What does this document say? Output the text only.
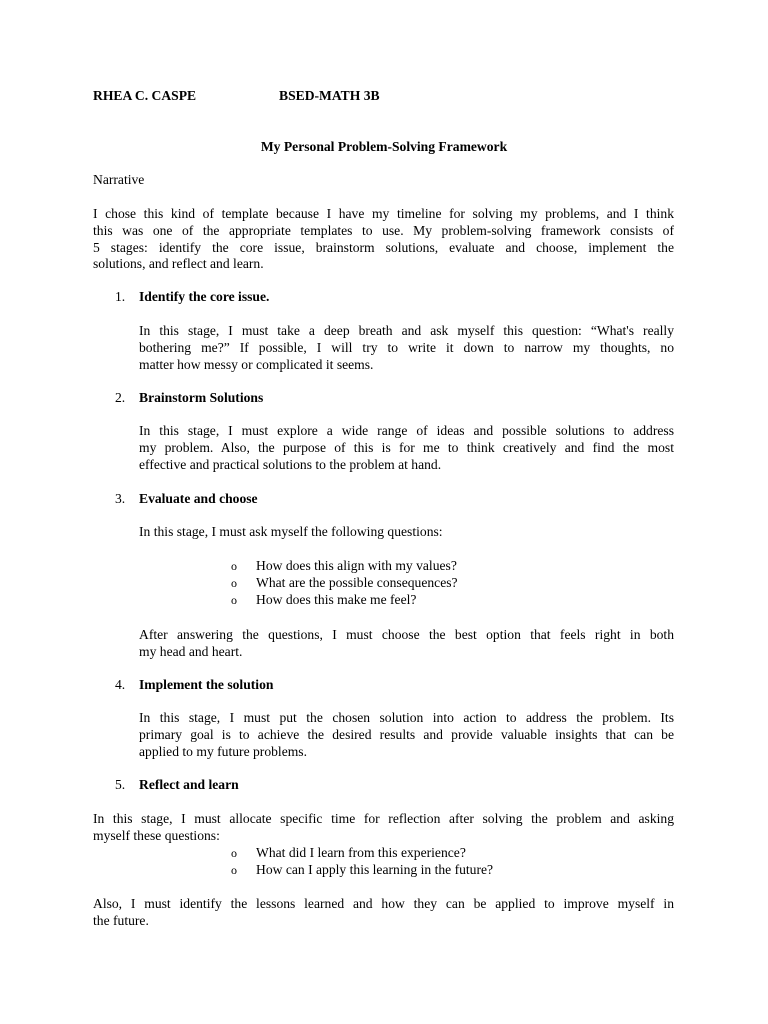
RHEA C. CASPE	BSED-MATH 3B
My Personal Problem-Solving Framework
Narrative
I chose this kind of template because I have my timeline for solving my problems, and I think
this was one of the appropriate templates to use. My problem-solving framework consists of
5 stages: identify the core issue, brainstorm solutions, evaluate and choose, implement the
solutions, and reflect and learn.
1. Identify the core issue.
In this stage, I must take a deep breath and ask myself this question: “What's really
bothering me?” If possible, I will try to write it down to narrow my thoughts, no
matter how messy or complicated it seems.
2. Brainstorm Solutions
In this stage, I must explore a wide range of ideas and possible solutions to address
my problem. Also, the purpose of this is for me to think creatively and find the most
effective and practical solutions to the problem at hand.
3. Evaluate and choose
In this stage, I must ask myself the following questions:
o How does this align with my values?
o What are the possible consequences?
o How does this make me feel?
After answering the questions, I must choose the best option that feels right in both
my head and heart.
4. Implement the solution
In this stage, I must put the chosen solution into action to address the problem. Its
primary goal is to achieve the desired results and provide valuable insights that can be
applied to my future problems.
5. Reflect and learn
In this stage, I must allocate specific time for reflection after solving the problem and asking
myself these questions:
o What did I learn from this experience?
o How can I apply this learning in the future?
Also, I must identify the lessons learned and how they can be applied to improve myself in
the future.
